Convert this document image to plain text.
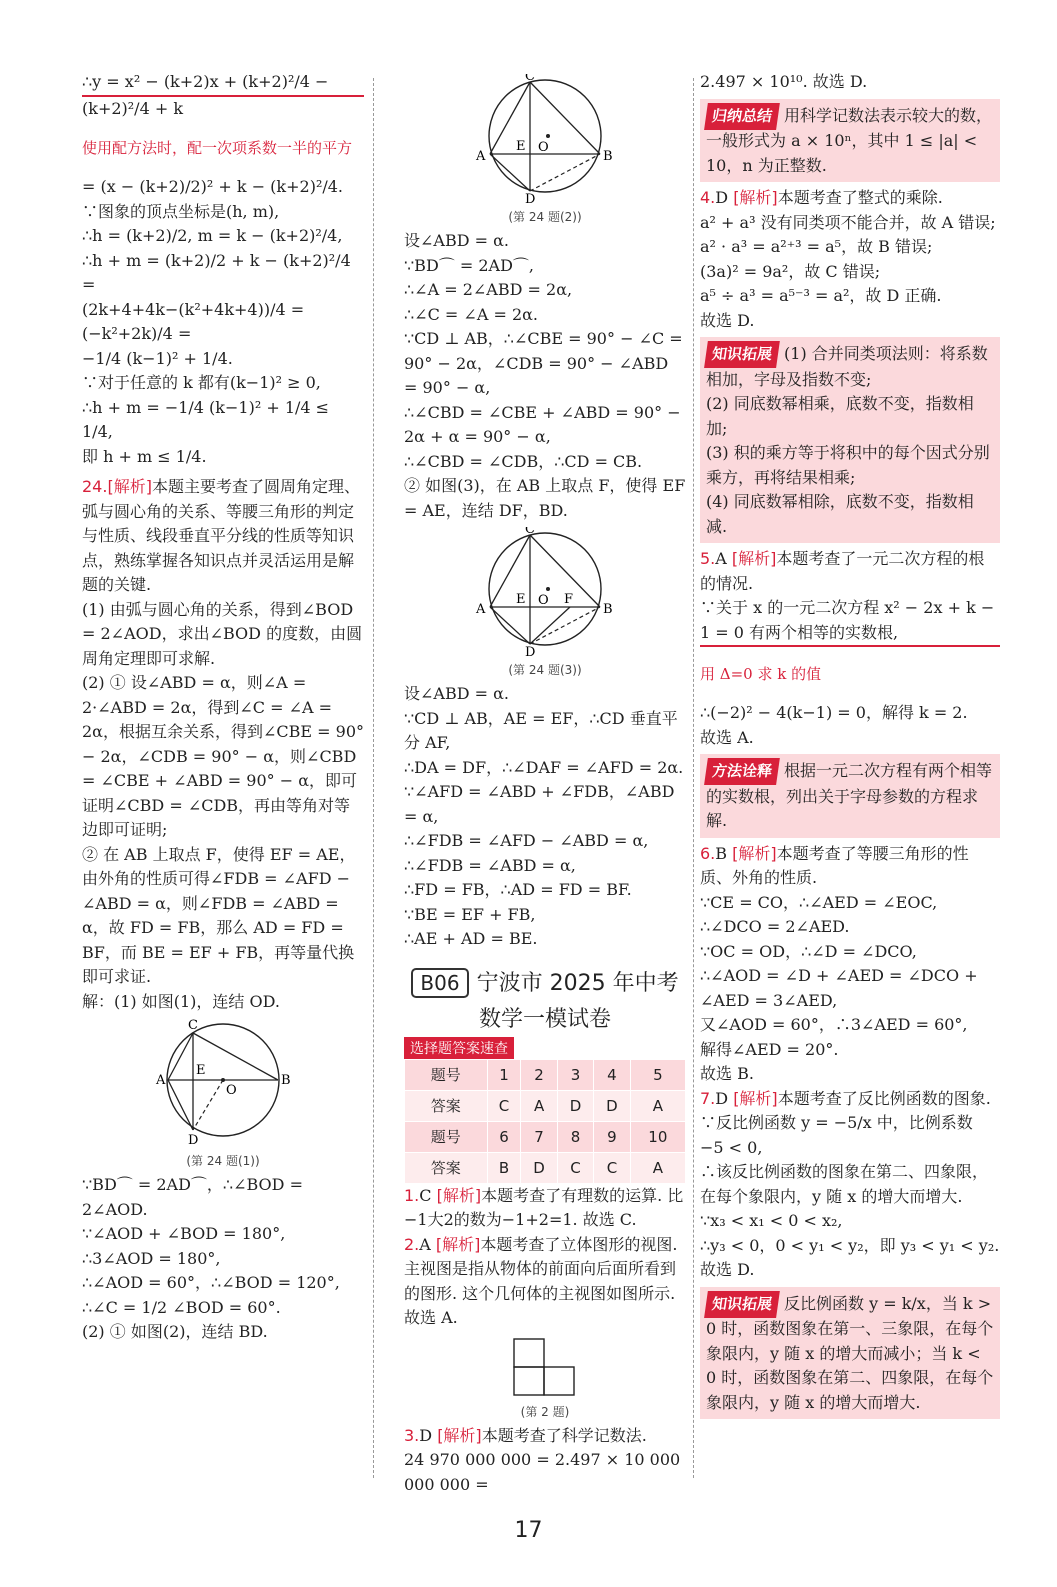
∴y = x² − (k+2)x + (k+2)²/4 −

(k+2)²/4 + k

使用配方法时，配一次项系数一半的平方

= (x − (k+2)/2)² + k − (k+2)²/4.

∵图象的顶点坐标是(h, m),

∴h = (k+2)/2, m = k − (k+2)²/4,

∴h + m = (k+2)/2 + k − (k+2)²/4 =

(2k+4+4k−(k²+4k+4))/4 = (−k²+2k)/4 =

−1/4 (k−1)² + 1/4.

∵对于任意的 k 都有(k−1)² ≥ 0,

∴h + m = −1/4 (k−1)² + 1/4 ≤ 1/4,

即 h + m ≤ 1/4.

24.[解析]本题主要考查了圆周角定理、弧与圆心角的关系、等腰三角形的判定与性质、线段垂直平分线的性质等知识点，熟练掌握各知识点并灵活运用是解题的关键.

(1) 由弧与圆心角的关系，得到∠BOD = 2∠AOD，求出∠BOD 的度数，由圆周角定理即可求解.

(2) ① 设∠ABD = α，则∠A = 2·∠ABD = 2α，得到∠C = ∠A = 2α，根据互余关系，得到∠CBE = 90° − 2α，∠CDB = 90° − α，则∠CBD = ∠CBE + ∠ABD = 90° − α，即可证明∠CBD = ∠CDB，再由等角对等边即可证明;

② 在 AB 上取点 F，使得 EF = AE，由外角的性质可得∠FDB = ∠AFD − ∠ABD = α，则∠FDB = ∠ABD = α，故 FD = FB，那么 AD = FD = BF，而 BE = EF + FB，再等量代换即可求证.

解：(1) 如图(1)，连结 OD.

C
A	B
D
E
O
(第 24 题(1))

∵BD⌒ = 2AD⌒，∴∠BOD = 2∠AOD.

∵∠AOD + ∠BOD = 180°,

∴3∠AOD = 180°,

∴∠AOD = 60°，∴∠BOD = 120°,

∴∠C = 1/2 ∠BOD = 60°.

(2) ① 如图(2)，连结 BD.

C
A	B
D
E O
(第 24 题(2))

设∠ABD = α.

∵BD⌒ = 2AD⌒,

∴∠A = 2∠ABD = 2α,

∴∠C = ∠A = 2α.

∵CD ⊥ AB，∴∠CBE = 90° − ∠C = 90° − 2α，∠CDB = 90° − ∠ABD = 90° − α,

∴∠CBD = ∠CBE + ∠ABD = 90° − 2α + α = 90° − α,

∴∠CBD = ∠CDB，∴CD = CB.

② 如图(3)，在 AB 上取点 F，使得 EF = AE，连结 DF，BD.

C
A	B
D
E O F
(第 24 题(3))

设∠ABD = α.

∵CD ⊥ AB，AE = EF，∴CD 垂直平分 AF,

∴DA = DF，∴∠DAF = ∠AFD = 2α.

∵∠AFD = ∠ABD + ∠FDB，∠ABD = α,

∴∠FDB = ∠AFD − ∠ABD = α,

∴∠FDB = ∠ABD = α,

∴FD = FB，∴AD = FD = BF.

∵BE = EF + FB,

∴AE + AD = BE.

B06 宁波市 2025 年中考
数学一模试卷
选择题答案速查
题号	1	2	3	4	5
答案	C	A	D	D	A
题号	6	7	8	9	10
答案	B	D	C	C	A

1.C [解析]本题考查了有理数的运算. 比−1大2的数为−1+2=1. 故选 C.

2.A [解析]本题考查了立体图形的视图. 主视图是指从物体的前面向后面所看到的图形. 这个几何体的主视图如图所示. 故选 A.

(第 2 题)

3.D [解析]本题考查了科学记数法.

24 970 000 000 = 2.497 × 10 000 000 000 =

2.497 × 10¹⁰. 故选 D.

归纳总结 用科学记数法表示较大的数，一般形式为 a × 10ⁿ，其中 1 ≤ |a| < 10，n 为正整数.

4.D [解析]本题考查了整式的乘除.

a² + a³ 没有同类项不能合并，故 A 错误;

a² · a³ = a²⁺³ = a⁵，故 B 错误;

(3a)² = 9a²，故 C 错误;

a⁵ ÷ a³ = a⁵⁻³ = a²，故 D 正确.

故选 D.

知识拓展 (1) 合并同类项法则：将系数相加，字母及指数不变;

(2) 同底数幂相乘，底数不变，指数相加;

(3) 积的乘方等于将积中的每个因式分别乘方，再将结果相乘;

(4) 同底数幂相除，底数不变，指数相减.

5.A [解析]本题考查了一元二次方程的根的情况.

∵关于 x 的一元二次方程 x² − 2x + k − 1 = 0 有两个相等的实数根,

用 Δ=0 求 k 的值

∴(−2)² − 4(k−1) = 0，解得 k = 2.

故选 A.

方法诠释 根据一元二次方程有两个相等的实数根，列出关于字母参数的方程求解.

6.B [解析]本题考查了等腰三角形的性质、外角的性质.

∵CE = CO，∴∠AED = ∠EOC,

∴∠DCO = 2∠AED.

∵OC = OD，∴∠D = ∠DCO,

∴∠AOD = ∠D + ∠AED = ∠DCO + ∠AED = 3∠AED,

又∠AOD = 60°，∴3∠AED = 60°,

解得∠AED = 20°.

故选 B.

7.D [解析]本题考查了反比例函数的图象.

∵反比例函数 y = −5/x 中，比例系数 −5 < 0,

∴该反比例函数的图象在第二、四象限，在每个象限内，y 随 x 的增大而增大.

∵x₃ < x₁ < 0 < x₂,

∴y₃ < 0，0 < y₁ < y₂，即 y₃ < y₁ < y₂.

故选 D.

知识拓展 反比例函数 y = k/x，当 k > 0 时，函数图象在第一、三象限，在每个象限内，y 随 x 的增大而减小；当 k < 0 时，函数图象在第二、四象限，在每个象限内，y 随 x 的增大而增大.

17
